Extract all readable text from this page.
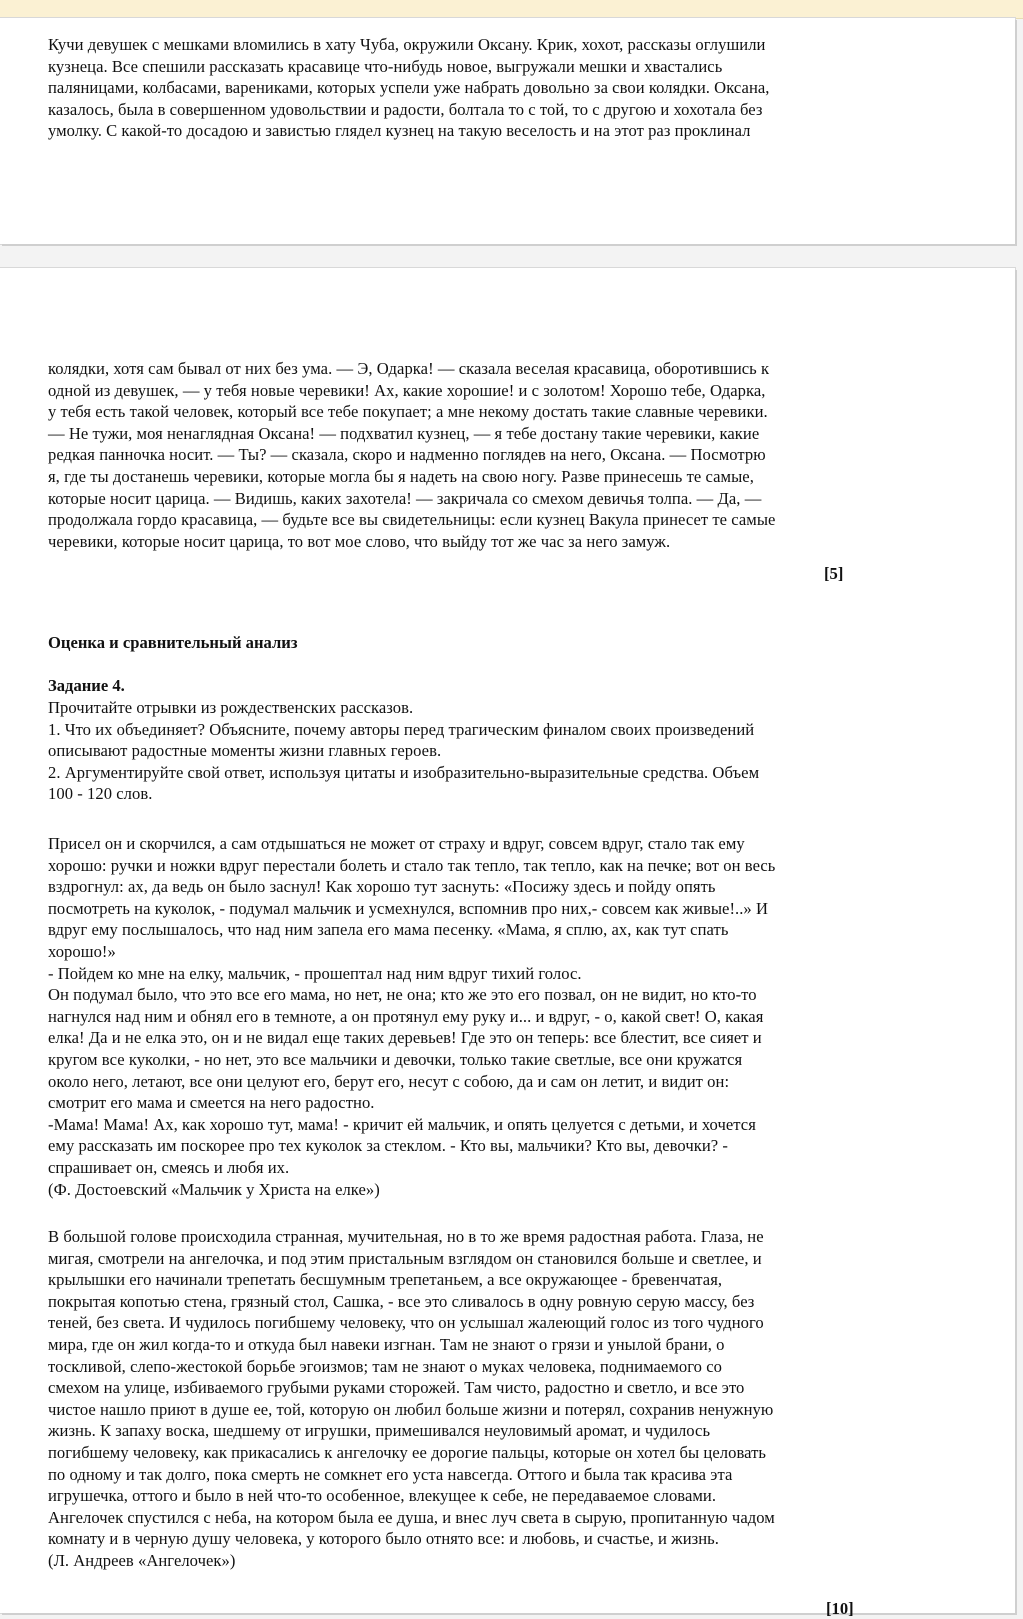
Кучи девушек с мешками вломились в хату Чуба, окружили Оксану. Крик, хохот, рассказы оглушили
кузнеца. Все спешили рассказать красавице что-нибудь новое, выгружали мешки и хвастались
паляницами, колбасами, варениками, которых успели уже набрать довольно за свои колядки. Оксана,
казалось, была в совершенном удовольствии и радости, болтала то с той, то с другою и хохотала без
умолку. С какой-то досадою и завистью глядел кузнец на такую веселость и на этот раз проклинал
колядки, хотя сам бывал от них без ума. — Э, Одарка! — сказала веселая красавица, оборотившись к
одной из девушек, — у тебя новые черевики! Ах, какие хорошие! и с золотом! Хорошо тебе, Одарка,
у тебя есть такой человек, который все тебе покупает; а мне некому достать такие славные черевики.
— Не тужи, моя ненаглядная Оксана! — подхватил кузнец, — я тебе достану такие черевики, какие
редкая панночка носит. — Ты? — сказала, скоро и надменно поглядев на него, Оксана. — Посмотрю
я, где ты достанешь черевики, которые могла бы я надеть на свою ногу. Разве принесешь те самые,
которые носит царица. — Видишь, каких захотела! — закричала со смехом девичья толпа. — Да, —
продолжала гордо красавица, — будьте все вы свидетельницы: если кузнец Вакула принесет те самые
черевики, которые носит царица, то вот мое слово, что выйду тот же час за него замуж.
[5]
Оценка и сравнительный анализ
Задание 4.
Прочитайте отрывки из рождественских рассказов.
1. Что их объединяет? Объясните, почему авторы перед трагическим финалом своих произведений
описывают радостные моменты жизни главных героев.
2. Аргументируйте свой ответ, используя цитаты и изобразительно-выразительные средства. Объем
100 - 120 слов.
Присел он и скорчился, а сам отдышаться не может от страху и вдруг, совсем вдруг, стало так ему
хорошо: ручки и ножки вдруг перестали болеть и стало так тепло, так тепло, как на печке; вот он весь
вздрогнул: ах, да ведь он было заснул! Как хорошо тут заснуть: «Посижу здесь и пойду опять
посмотреть на куколок, - подумал мальчик и усмехнулся, вспомнив про них,- совсем как живые!..» И
вдруг ему послышалось, что над ним запела его мама песенку. «Мама, я сплю, ах, как тут спать
хорошо!»
- Пойдем ко мне на елку, мальчик, - прошептал над ним вдруг тихий голос.
Он подумал было, что это все его мама, но нет, не она; кто же это его позвал, он не видит, но кто-то
нагнулся над ним и обнял его в темноте, а он протянул ему руку и... и вдруг, - о, какой свет! О, какая
елка! Да и не елка это, он и не видал еще таких деревьев! Где это он теперь: все блестит, все сияет и
кругом все куколки, - но нет, это все мальчики и девочки, только такие светлые, все они кружатся
около него, летают, все они целуют его, берут его, несут с собою, да и сам он летит, и видит он:
смотрит его мама и смеется на него радостно.
-Мама! Мама! Ах, как хорошо тут, мама! - кричит ей мальчик, и опять целуется с детьми, и хочется
ему рассказать им поскорее про тех куколок за стеклом. - Кто вы, мальчики? Кто вы, девочки? -
спрашивает он, смеясь и любя их.
(Ф. Достоевский «Мальчик у Христа на елке»)
В большой голове происходила странная, мучительная, но в то же время радостная работа. Глаза, не
мигая, смотрели на ангелочка, и под этим пристальным взглядом он становился больше и светлее, и
крылышки его начинали трепетать бесшумным трепетаньем, а все окружающее - бревенчатая,
покрытая копотью стена, грязный стол, Сашка, - все это сливалось в одну ровную серую массу, без
теней, без света. И чудилось погибшему человеку, что он услышал жалеющий голос из того чудного
мира, где он жил когда-то и откуда был навеки изгнан. Там не знают о грязи и унылой брани, о
тоскливой, слепо-жестокой борьбе эгоизмов; там не знают о муках человека, поднимаемого со
смехом на улице, избиваемого грубыми руками сторожей. Там чисто, радостно и светло, и все это
чистое нашло приют в душе ее, той, которую он любил больше жизни и потерял, сохранив ненужную
жизнь. К запаху воска, шедшему от игрушки, примешивался неуловимый аромат, и чудилось
погибшему человеку, как прикасались к ангелочку ее дорогие пальцы, которые он хотел бы целовать
по одному и так долго, пока смерть не сомкнет его уста навсегда. Оттого и была так красива эта
игрушечка, оттого и было в ней что-то особенное, влекущее к себе, не передаваемое словами.
Ангелочек спустился с неба, на котором была ее душа, и внес луч света в сырую, пропитанную чадом
комнату и в черную душу человека, у которого было отнято все: и любовь, и счастье, и жизнь.
(Л. Андреев «Ангелочек»)
[10]
